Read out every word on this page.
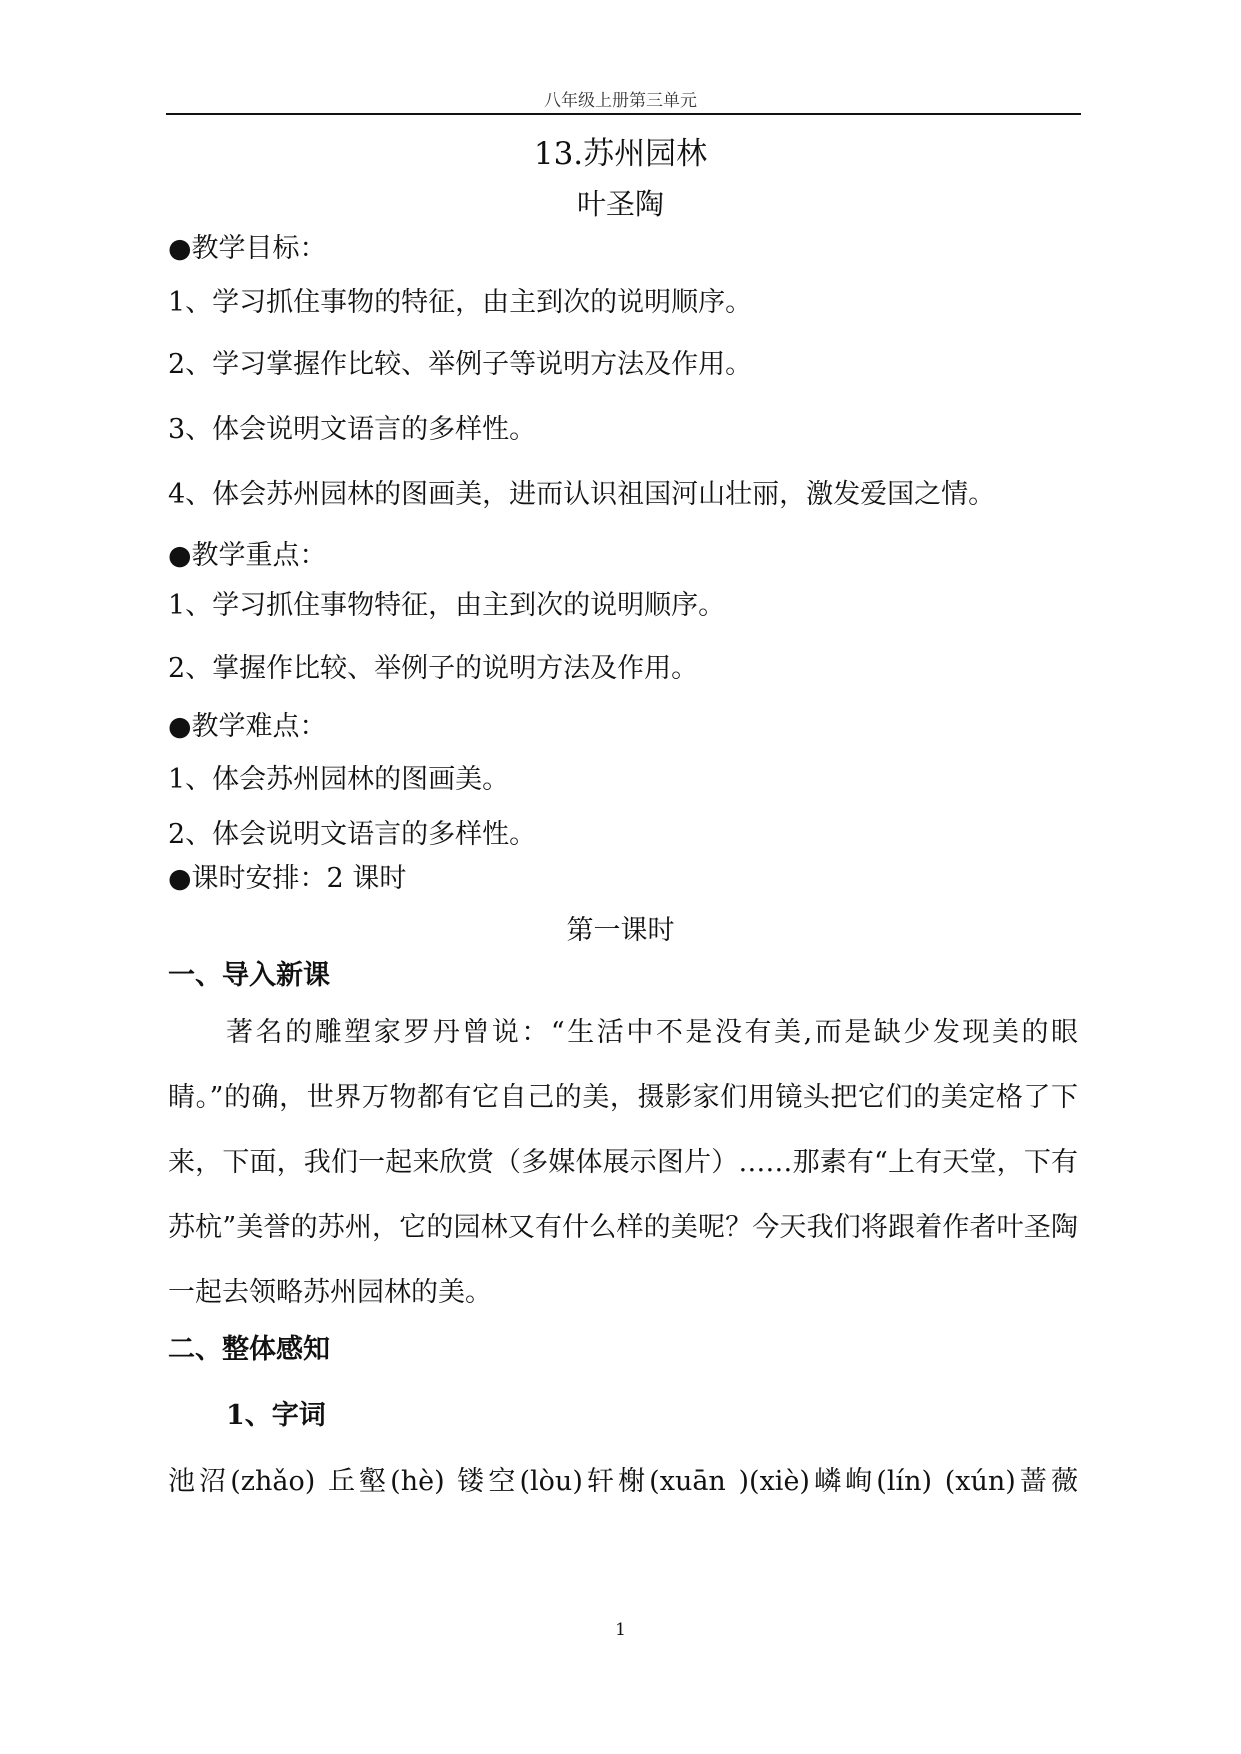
八年级上册第三单元
13.苏州园林
叶圣陶
●教学目标：
1、学习抓住事物的特征，由主到次的说明顺序。
2、学习掌握作比较、举例子等说明方法及作用。
3、体会说明文语言的多样性。
4、体会苏州园林的图画美，进而认识祖国河山壮丽，激发爱国之情。
●教学重点：
1、学习抓住事物特征，由主到次的说明顺序。
2、掌握作比较、举例子的说明方法及作用。
●教学难点：
1、体会苏州园林的图画美。
2、体会说明文语言的多样性。
●课时安排：2 课时
第一课时
一、导入新课
著名的雕塑家罗丹曾说：“生活中不是没有美,而是缺少发现美的眼睛。”的确，世界万物都有它自己的美，摄影家们用镜头把它们的美定格了下来，下面，我们一起来欣赏（多媒体展示图片）……那素有“上有天堂，下有苏杭”美誉的苏州，它的园林又有什么样的美呢？今天我们将跟着作者叶圣陶一起去领略苏州园林的美。
二、整体感知
1、字词
池沼(zhǎo) 丘壑(hè) 镂空(lòu)轩榭(xuān )(xiè)嶙峋(lín) (xún)蔷薇
1
